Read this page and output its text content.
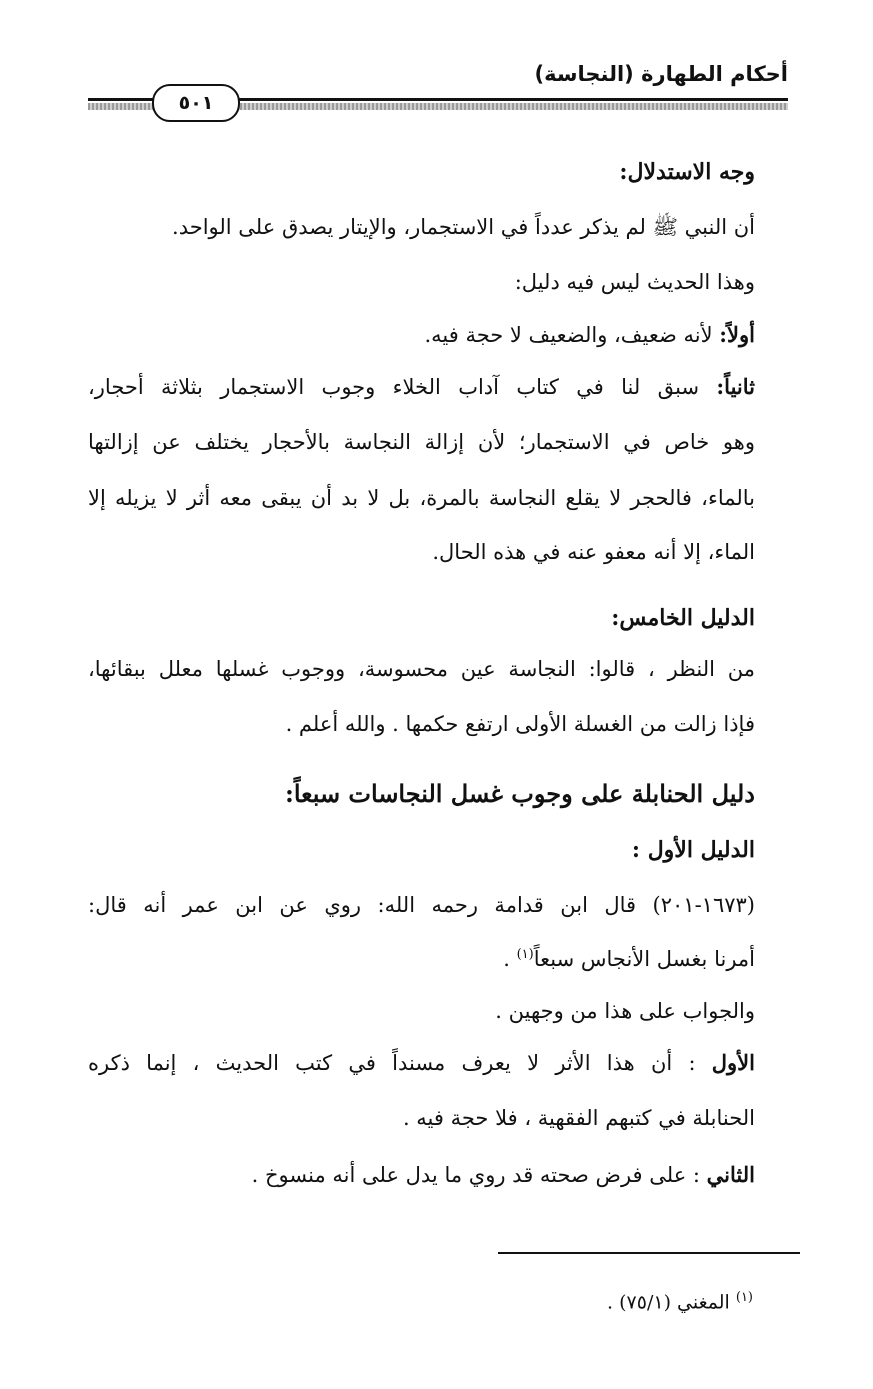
أحكام الطهارة (النجاسة)
٥٠١
وجه الاستدلال:
أن النبي ﷺ لم يذكر عدداً في الاستجمار، والإيتار يصدق على الواحد.
وهذا الحديث ليس فيه دليل:
أولاً: لأنه ضعيف، والضعيف لا حجة فيه.
ثانياً: سبق لنا في كتاب آداب الخلاء وجوب الاستجمار بثلاثة أحجار،
وهو خاص في الاستجمار؛ لأن إزالة النجاسة بالأحجار يختلف عن إزالتها
بالماء، فالحجر لا يقلع النجاسة بالمرة، بل لا بد أن يبقى معه أثر لا يزيله إلا
الماء، إلا أنه معفو عنه في هذه الحال.
الدليل الخامس:
من النظر ، قالوا: النجاسة عين محسوسة، ووجوب غسلها معلل ببقائها،
فإذا زالت من الغسلة الأولى ارتفع حكمها . والله أعلم .
دليل الحنابلة على وجوب غسل النجاسات سبعاً:
الدليل الأول :
(١٦٧٣-٢٠١) قال ابن قدامة رحمه الله: روي عن ابن عمر أنه قال:
أمرنا بغسل الأنجاس سبعاً$^{(١)}$ .
والجواب على هذا من وجهين .
الأول : أن هذا الأثر لا يعرف مسنداً في كتب الحديث ، إنما ذكره
الحنابلة في كتبهم الفقهية ، فلا حجة فيه .
الثاني : على فرض صحته قد روي ما يدل على أنه منسوخ .
$^{(١)}$ المغني (٧٥/١) .
